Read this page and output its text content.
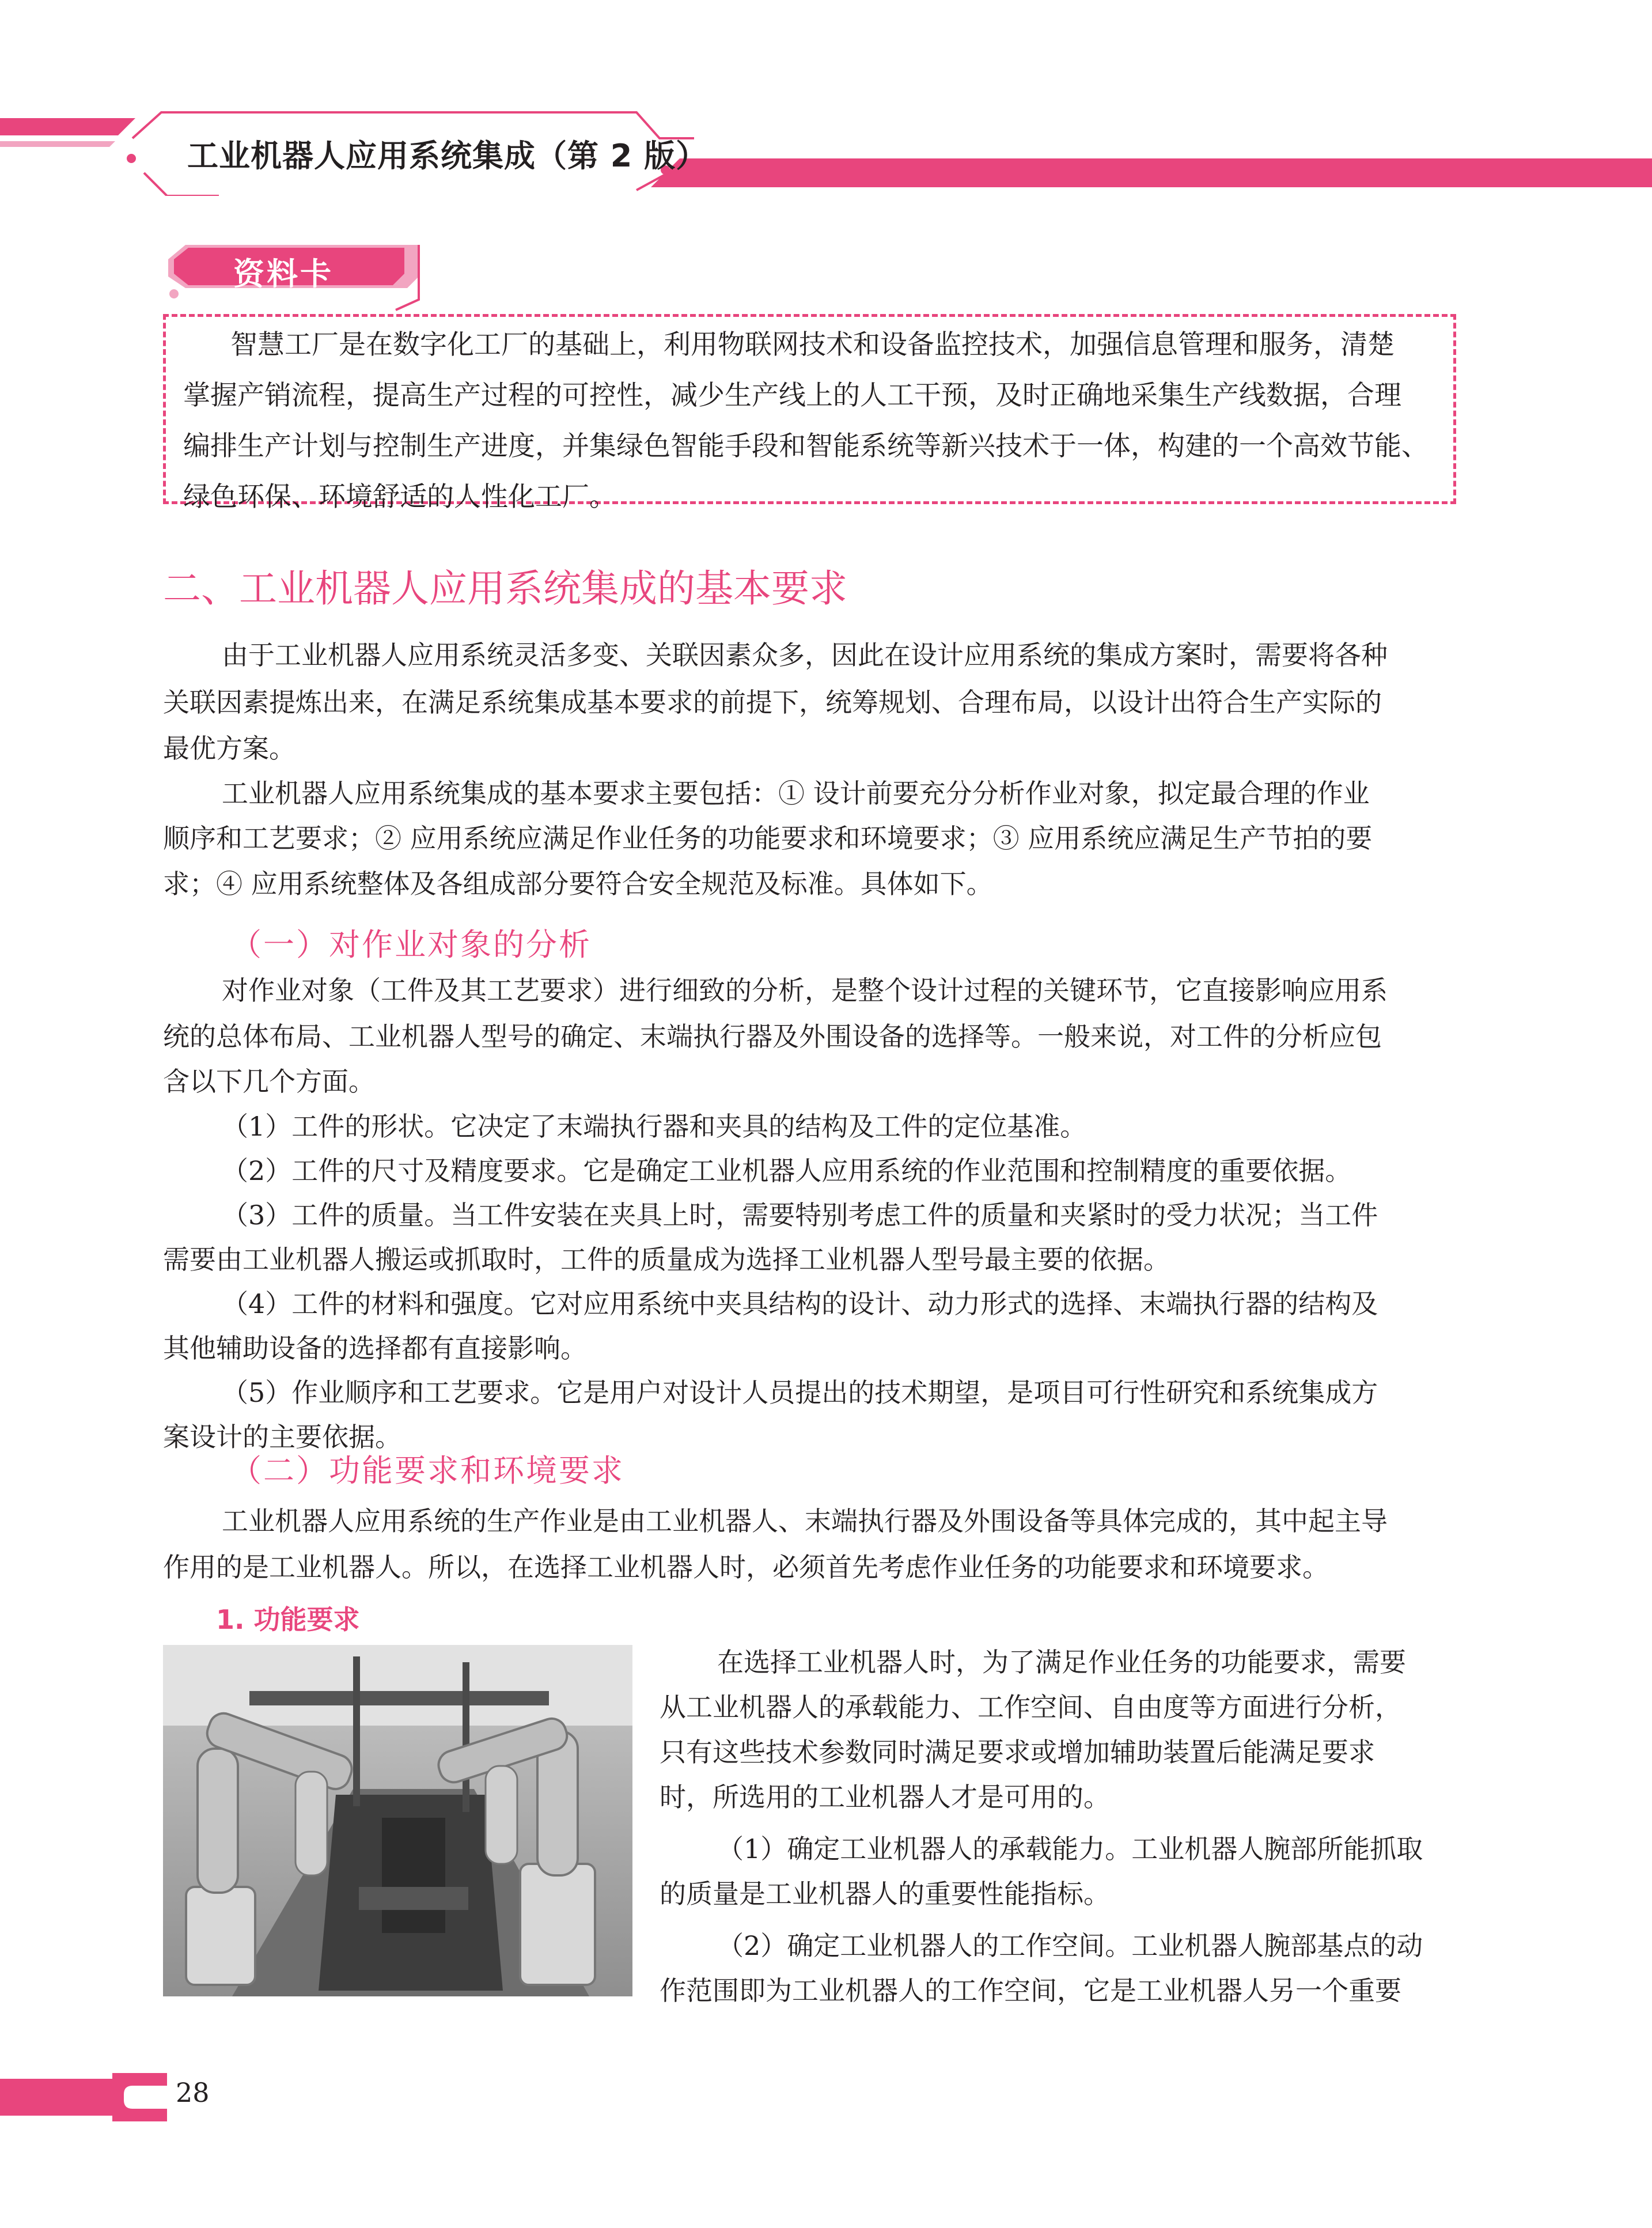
工业机器人应用系统集成（第 2 版）
资料卡
智慧工厂是在数字化工厂的基础上，利用物联网技术和设备监控技术，加强信息管理和服务，清楚
掌握产销流程，提高生产过程的可控性，减少生产线上的人工干预，及时正确地采集生产线数据，合理
编排生产计划与控制生产进度，并集绿色智能手段和智能系统等新兴技术于一体，构建的一个高效节能、
绿色环保、环境舒适的人性化工厂。
二、工业机器人应用系统集成的基本要求
由于工业机器人应用系统灵活多变、关联因素众多，因此在设计应用系统的集成方案时，需要将各种
关联因素提炼出来，在满足系统集成基本要求的前提下，统筹规划、合理布局，以设计出符合生产实际的
最优方案。
工业机器人应用系统集成的基本要求主要包括：① 设计前要充分分析作业对象，拟定最合理的作业
顺序和工艺要求；② 应用系统应满足作业任务的功能要求和环境要求；③ 应用系统应满足生产节拍的要
求；④ 应用系统整体及各组成部分要符合安全规范及标准。具体如下。
（一）对作业对象的分析
对作业对象（工件及其工艺要求）进行细致的分析，是整个设计过程的关键环节，它直接影响应用系
统的总体布局、工业机器人型号的确定、末端执行器及外围设备的选择等。一般来说，对工件的分析应包
含以下几个方面。
（1）工件的形状。它决定了末端执行器和夹具的结构及工件的定位基准。
（2）工件的尺寸及精度要求。它是确定工业机器人应用系统的作业范围和控制精度的重要依据。
（3）工件的质量。当工件安装在夹具上时，需要特别考虑工件的质量和夹紧时的受力状况；当工件
需要由工业机器人搬运或抓取时，工件的质量成为选择工业机器人型号最主要的依据。
（4）工件的材料和强度。它对应用系统中夹具结构的设计、动力形式的选择、末端执行器的结构及
其他辅助设备的选择都有直接影响。
（5）作业顺序和工艺要求。它是用户对设计人员提出的技术期望，是项目可行性研究和系统集成方
案设计的主要依据。
（二）功能要求和环境要求
工业机器人应用系统的生产作业是由工业机器人、末端执行器及外围设备等具体完成的，其中起主导
作用的是工业机器人。所以，在选择工业机器人时，必须首先考虑作业任务的功能要求和环境要求。
1. 功能要求
在选择工业机器人时，为了满足作业任务的功能要求，需要
从工业机器人的承载能力、工作空间、自由度等方面进行分析，
只有这些技术参数同时满足要求或增加辅助装置后能满足要求
时，所选用的工业机器人才是可用的。
（1）确定工业机器人的承载能力。工业机器人腕部所能抓取
的质量是工业机器人的重要性能指标。
（2）确定工业机器人的工作空间。工业机器人腕部基点的动
作范围即为工业机器人的工作空间，它是工业机器人另一个重要
28
